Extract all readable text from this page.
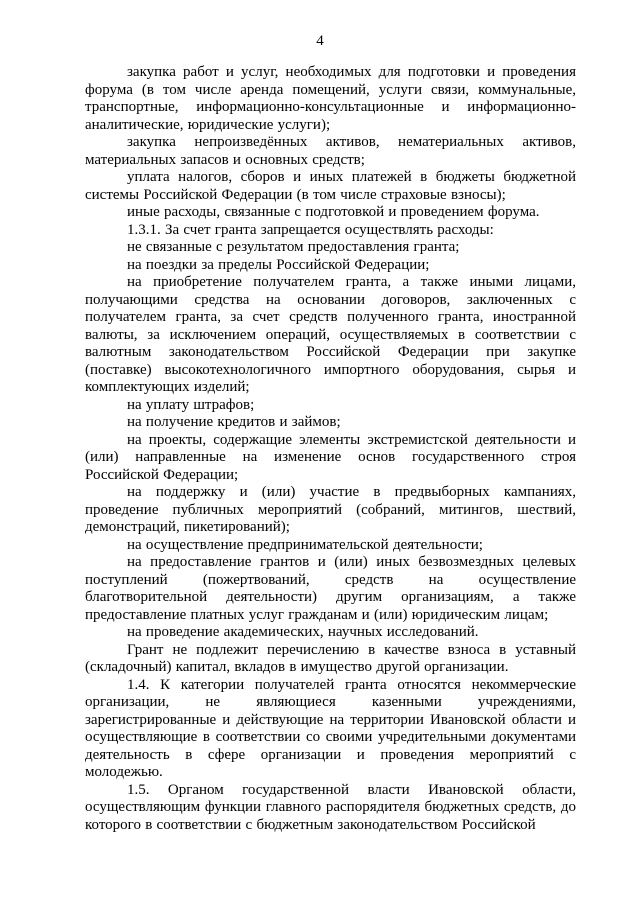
4

закупка работ и услуг, необходимых для подготовки и проведения форума (в том числе аренда помещений, услуги связи, коммунальные, транспортные, информационно-консультационные и информационно-аналитические, юридические услуги);

закупка непроизведённых активов, нематериальных активов, материальных запасов и основных средств;

уплата налогов, сборов и иных платежей в бюджеты бюджетной системы Российской Федерации (в том числе страховые взносы);

иные расходы, связанные с подготовкой и проведением форума.

1.3.1. За счет гранта запрещается осуществлять расходы:

не связанные с результатом предоставления гранта;

на поездки за пределы Российской Федерации;

на приобретение получателем гранта, а также иными лицами, получающими средства на основании договоров, заключенных с получателем гранта, за счет средств полученного гранта, иностранной валюты, за исключением операций, осуществляемых в соответствии с валютным законодательством Российской Федерации при закупке (поставке) высокотехнологичного импортного оборудования, сырья и комплектующих изделий;

на уплату штрафов;

на получение кредитов и займов;

на проекты, содержащие элементы экстремистской деятельности и (или) направленные на изменение основ государственного строя Российской Федерации;

на поддержку и (или) участие в предвыборных кампаниях, проведение публичных мероприятий (собраний, митингов, шествий, демонстраций, пикетирований);

на осуществление предпринимательской деятельности;

на предоставление грантов и (или) иных безвозмездных целевых поступлений (пожертвований, средств на осуществление благотворительной деятельности) другим организациям, а также предоставление платных услуг гражданам и (или) юридическим лицам;

на проведение академических, научных исследований.

Грант не подлежит перечислению в качестве взноса в уставный (складочный) капитал, вкладов в имущество другой организации.

1.4. К категории получателей гранта относятся некоммерческие организации, не являющиеся казенными учреждениями, зарегистрированные и действующие на территории Ивановской области и осуществляющие в соответствии со своими учредительными документами деятельность в сфере организации и проведения мероприятий с молодежью.

1.5. Органом государственной власти Ивановской области, осуществляющим функции главного распорядителя бюджетных средств, до которого в соответствии с бюджетным законодательством Российской
